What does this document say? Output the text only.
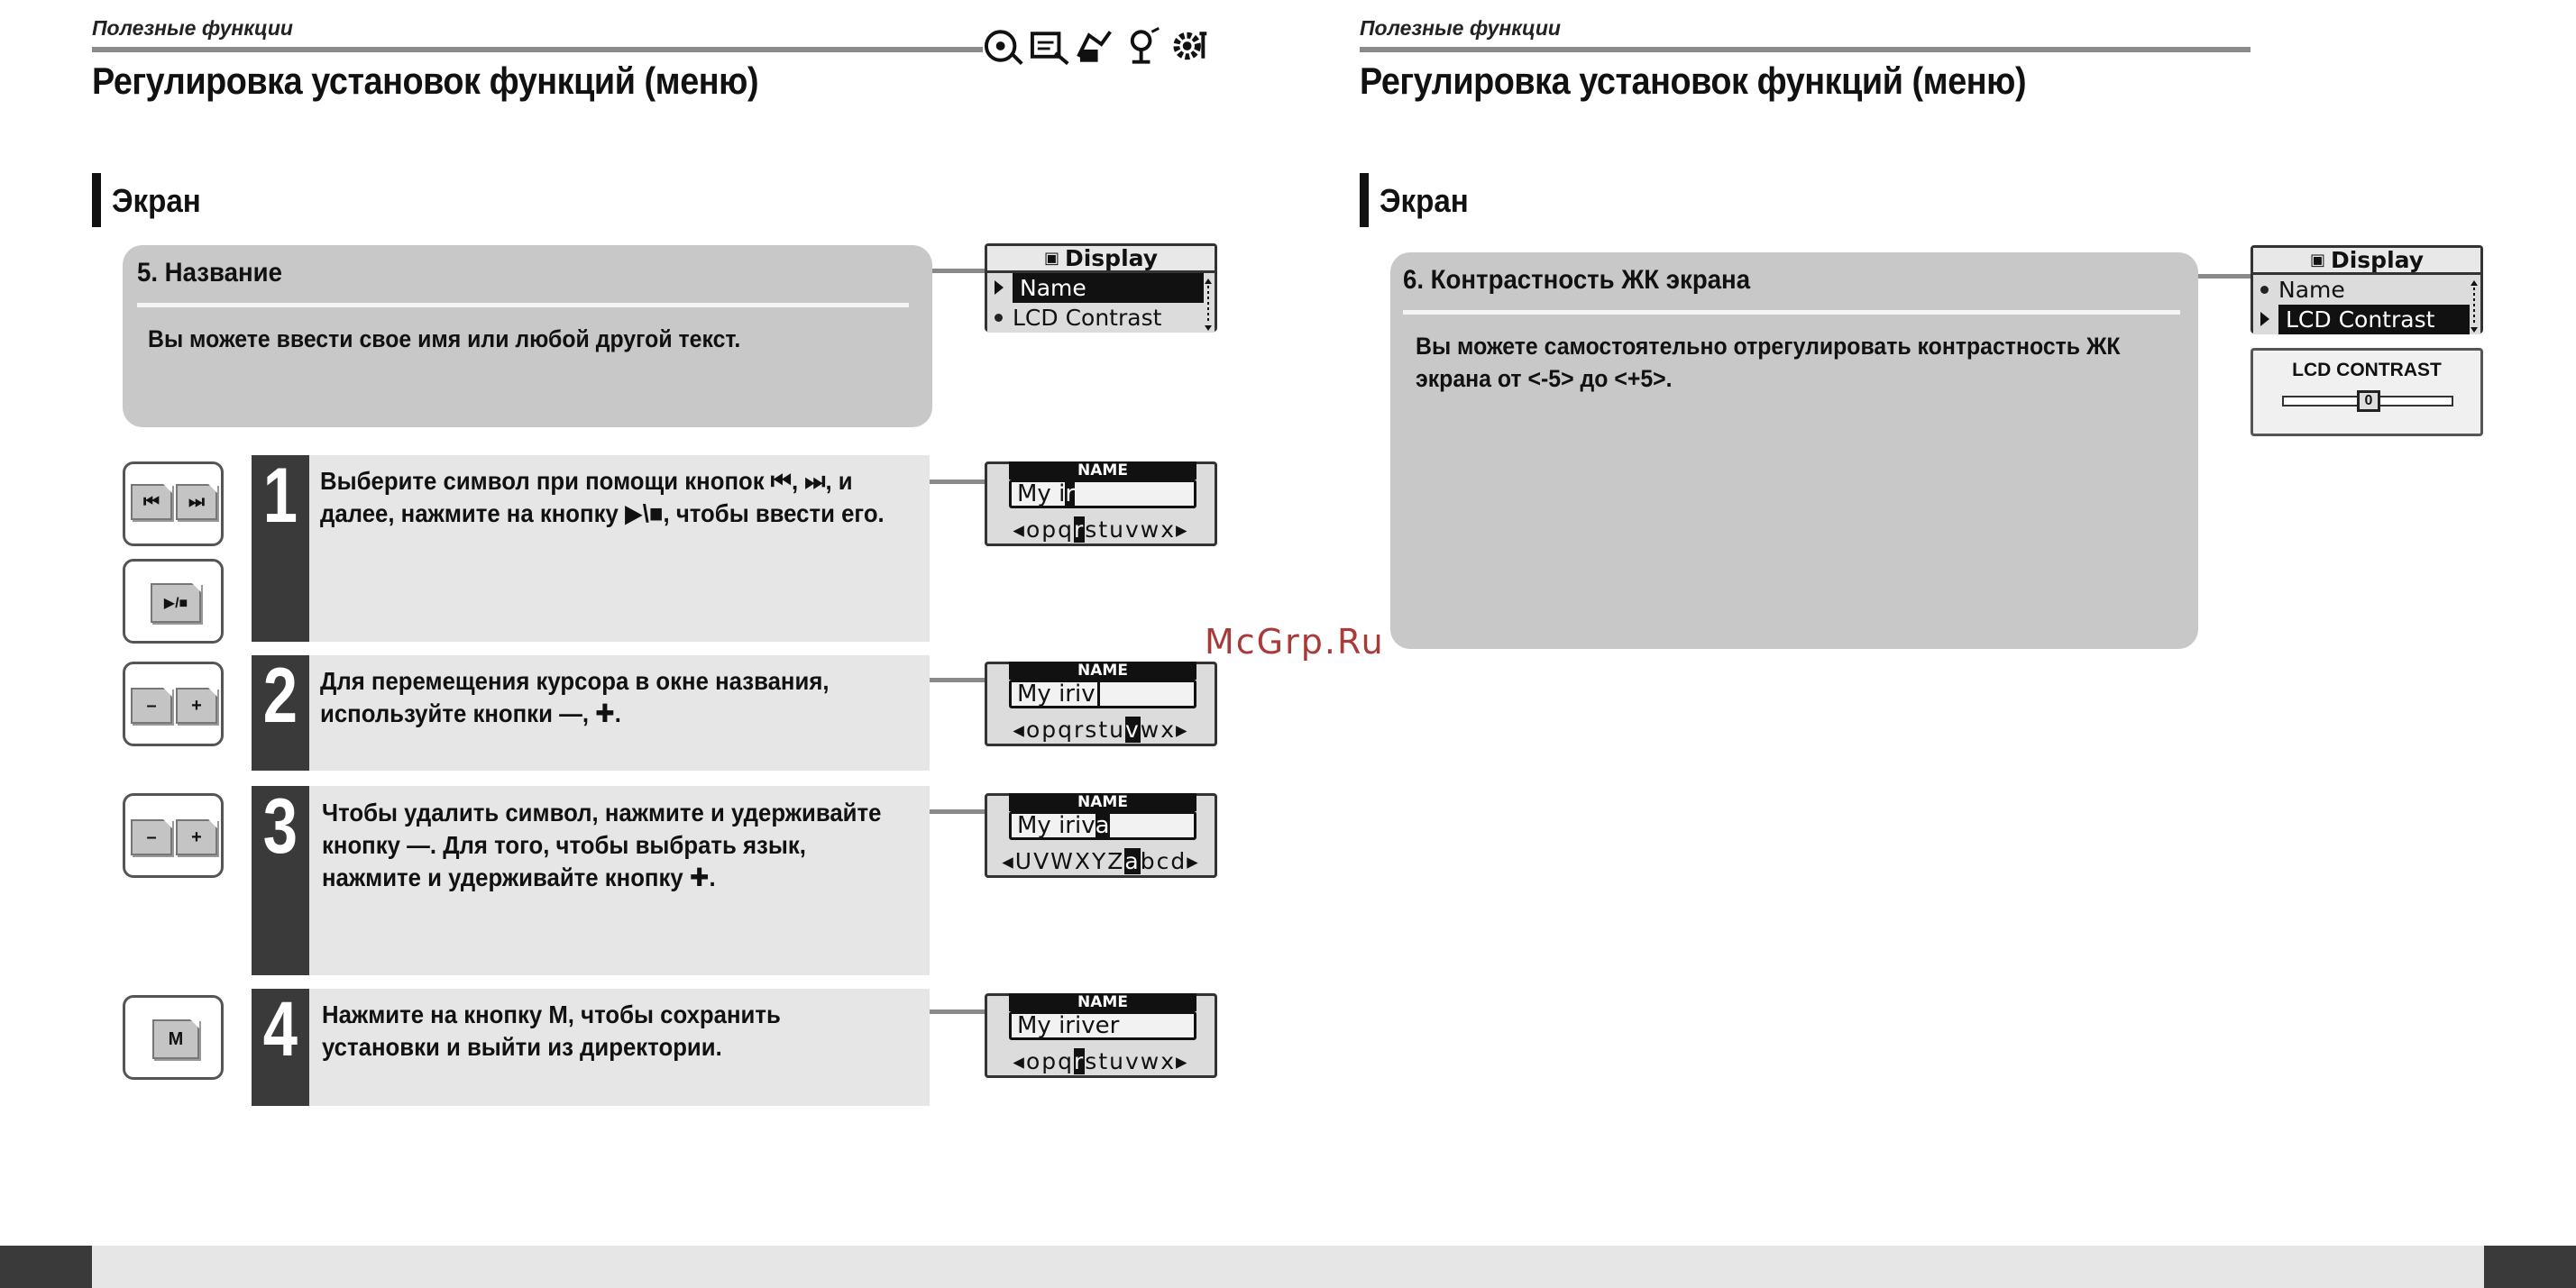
Полезные функции
Регулировка установок функций (меню)
Экран
5. Название
Вы можете ввести свое имя или любой другой текст.
▣ Display
Name
LCD Contrast
⏮	⏭
▶/■
1 Выберите символ при помощи кнопок ⏮, ⏭, и далее, нажмите на кнопку ▶\■, чтобы ввести его.
NAME
My ir
◂opqrstuvwx▸
–	+ 2 Для перемещения курсора в окне названия, используйте кнопки —, ✚.
NAME
My iriv
◂opqrstuvwx▸
–	+ 3 Чтобы удалить символ, нажмите и удерживайте кнопку —. Для того, чтобы выбрать язык, нажмите и удерживайте кнопку ✚.
NAME
My iriva
◂UVWXYZabcd▸
M 4 Нажмите на кнопку M, чтобы сохранить установки и выйти из директории.
NAME
My iriver
◂opqrstuvwx▸
Полезные функции
Регулировка установок функций (меню)
Экран
6. Контрастность ЖК экрана
Вы можете самостоятельно отрегулировать контрастность ЖК экрана от <-5> до <+5>.
▣ Display
Name
LCD Contrast
LCD CONTRAST
0
McGrp.Ru
